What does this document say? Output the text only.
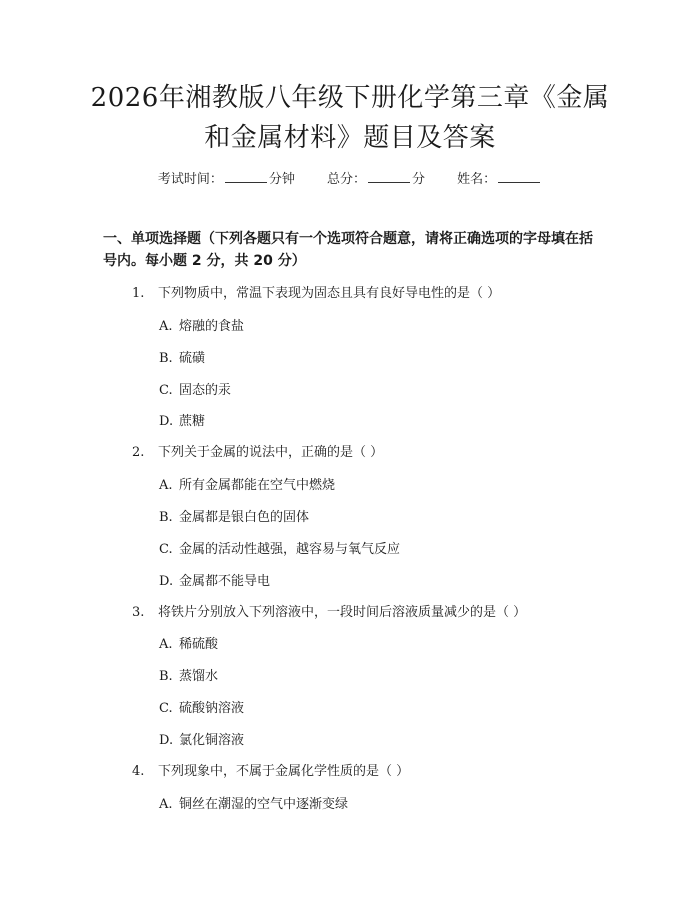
2026年湘教版八年级下册化学第三章《金属
和金属材料》题目及答案
考试时间：	分钟 总分：	分 姓名：
一、单项选择题（下列各题只有一个选项符合题意，请将正确选项的字母填在括号内。每小题 2 分，共 20 分）
1. 下列物质中，常温下表现为固态且具有良好导电性的是（ ）
A. 熔融的食盐
B. 硫磺
C. 固态的汞
D. 蔗糖
2. 下列关于金属的说法中，正确的是（ ）
A. 所有金属都能在空气中燃烧
B. 金属都是银白色的固体
C. 金属的活动性越强，越容易与氧气反应
D. 金属都不能导电
3. 将铁片分别放入下列溶液中，一段时间后溶液质量减少的是（ ）
A. 稀硫酸
B. 蒸馏水
C. 硫酸钠溶液
D. 氯化铜溶液
4. 下列现象中，不属于金属化学性质的是（ ）
A. 铜丝在潮湿的空气中逐渐变绿
